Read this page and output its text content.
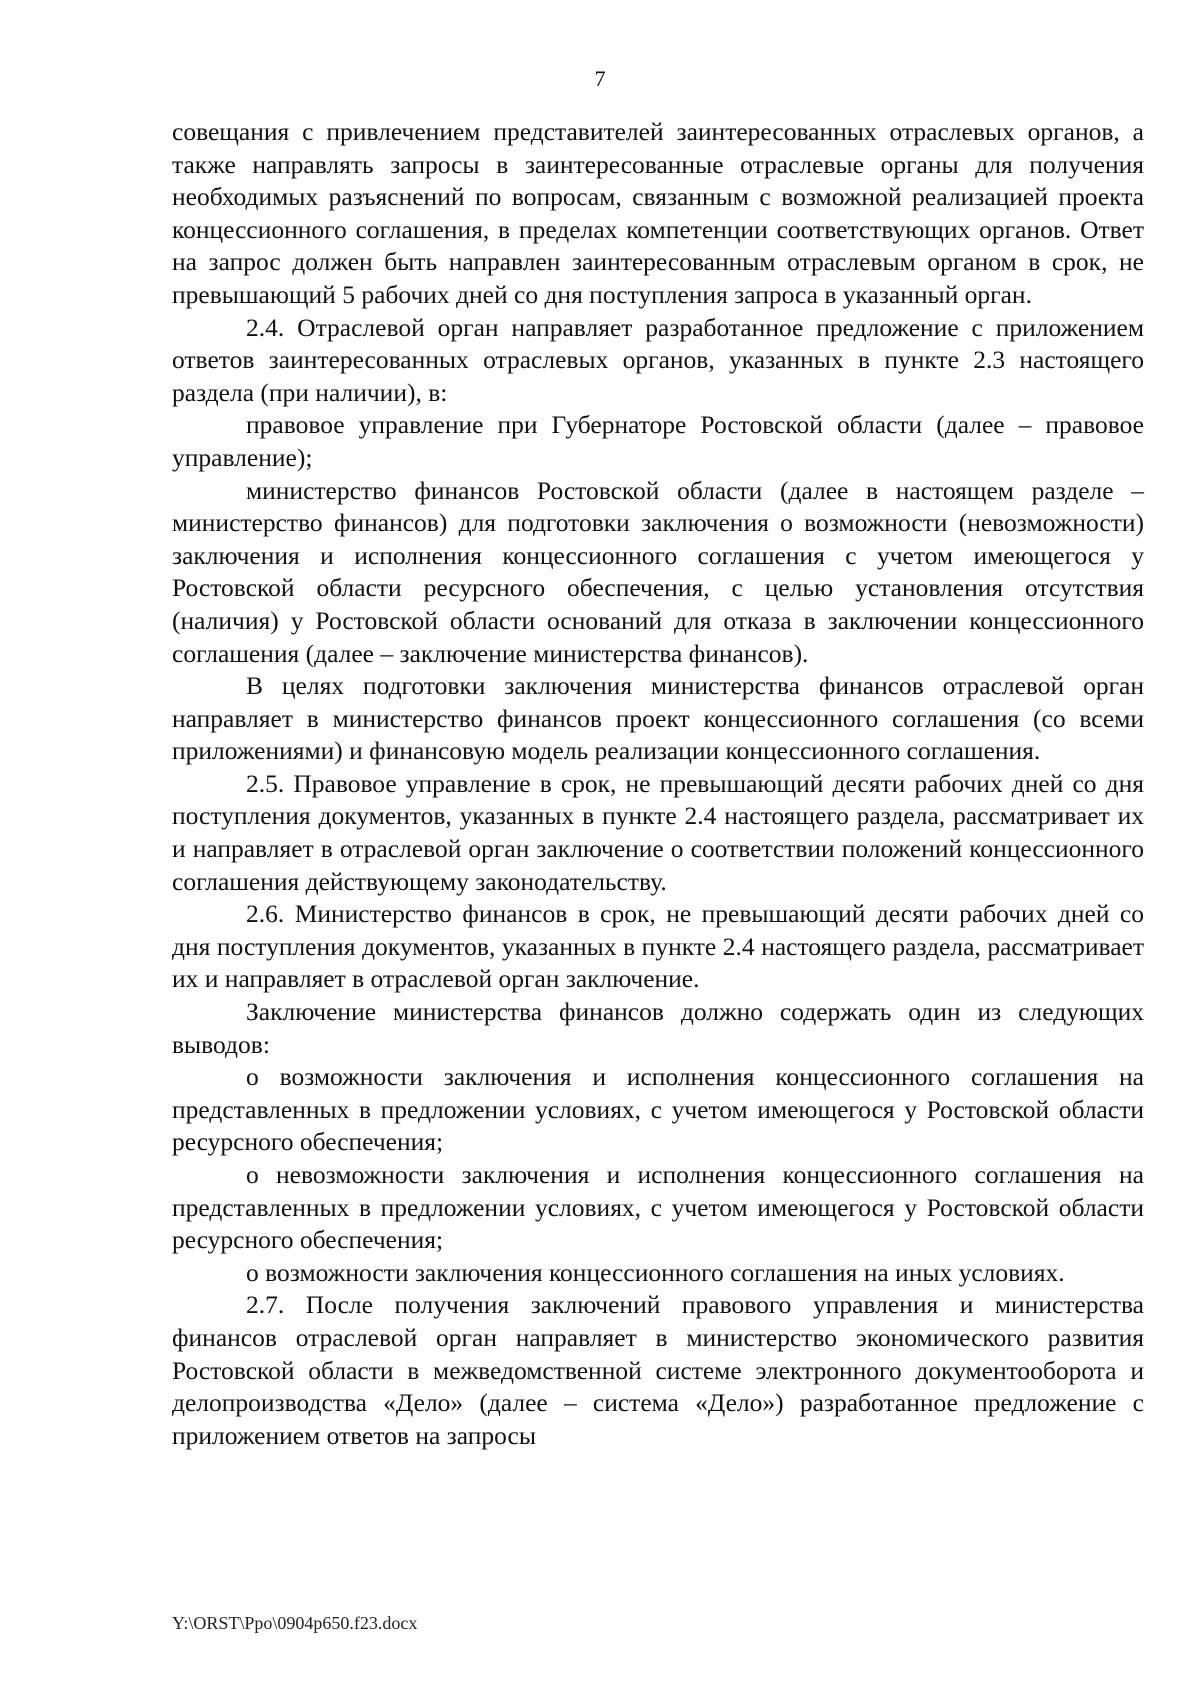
7

совещания с привлечением представителей заинтересованных отраслевых органов, а также направлять запросы в заинтересованные отраслевые органы для получения необходимых разъяснений по вопросам, связанным с возможной реализацией проекта концессионного соглашения, в пределах компетенции соответствующих органов. Ответ на запрос должен быть направлен заинтересованным отраслевым органом в срок, не превышающий 5 рабочих дней со дня поступления запроса в указанный орган.

2.4. Отраслевой орган направляет разработанное предложение с приложением ответов заинтересованных отраслевых органов, указанных в пункте 2.3 настоящего раздела (при наличии), в:

правовое управление при Губернаторе Ростовской области (далее – правовое управление);

министерство финансов Ростовской области (далее в настоящем разделе – министерство финансов) для подготовки заключения о возможности (невозможности) заключения и исполнения концессионного соглашения с учетом имеющегося у Ростовской области ресурсного обеспечения, с целью установления отсутствия (наличия) у Ростовской области оснований для отказа в заключении концессионного соглашения (далее – заключение министерства финансов).

В целях подготовки заключения министерства финансов отраслевой орган направляет в министерство финансов проект концессионного соглашения (со всеми приложениями) и финансовую модель реализации концессионного соглашения.

2.5. Правовое управление в срок, не превышающий десяти рабочих дней со дня поступления документов, указанных в пункте 2.4 настоящего раздела, рассматривает их и направляет в отраслевой орган заключение о соответствии положений концессионного соглашения действующему законодательству.

2.6. Министерство финансов в срок, не превышающий десяти рабочих дней со дня поступления документов, указанных в пункте 2.4 настоящего раздела, рассматривает их и направляет в отраслевой орган заключение.

Заключение министерства финансов должно содержать один из следующих выводов:

о возможности заключения и исполнения концессионного соглашения на представленных в предложении условиях, с учетом имеющегося у Ростовской области ресурсного обеспечения;

о невозможности заключения и исполнения концессионного соглашения на представленных в предложении условиях, с учетом имеющегося у Ростовской области ресурсного обеспечения;

о возможности заключения концессионного соглашения на иных условиях.

2.7. После получения заключений правового управления и министерства финансов отраслевой орган направляет в министерство экономического развития Ростовской области в межведомственной системе электронного документооборота и делопроизводства «Дело» (далее – система «Дело») разработанное предложение с приложением ответов на запросы

Y:\ORST\Ppo\0904p650.f23.docx
